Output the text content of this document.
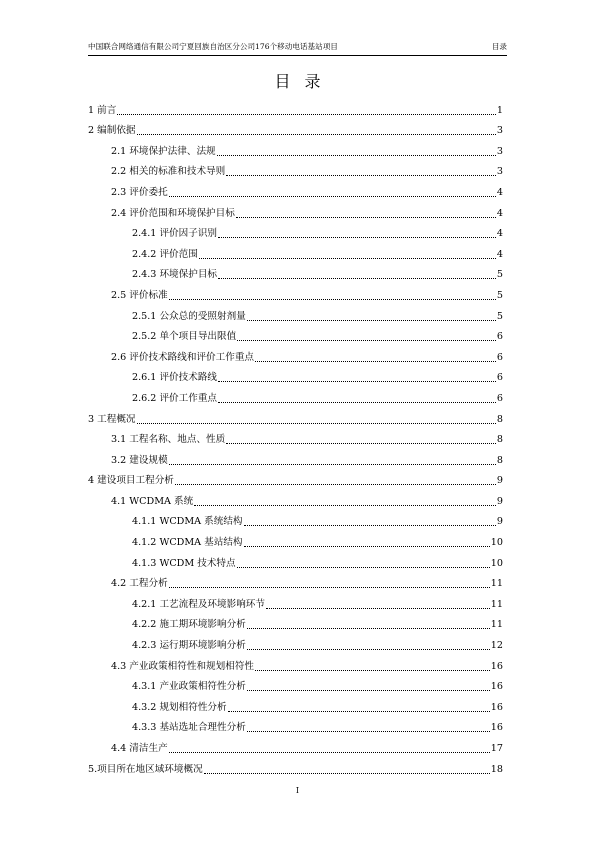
中国联合网络通信有限公司宁夏回族自治区分公司176个移动电话基站项目	目录
目录
1 前言	1
2 编制依据	3
2.1 环境保护法律、法规	3
2.2 相关的标准和技术导则	3
2.3 评价委托	4
2.4 评价范围和环境保护目标	4
2.4.1 评价因子识别	4
2.4.2 评价范围	4
2.4.3 环境保护目标	5
2.5 评价标准	5
2.5.1 公众总的受照射剂量	5
2.5.2 单个项目导出限值	6
2.6 评价技术路线和评价工作重点	6
2.6.1 评价技术路线	6
2.6.2 评价工作重点	6
3 工程概况	8
3.1 工程名称、地点、性质	8
3.2 建设规模	8
4 建设项目工程分析	9
4.1 WCDMA 系统	9
4.1.1 WCDMA 系统结构	9
4.1.2 WCDMA 基站结构	10
4.1.3 WCDM 技术特点	10
4.2 工程分析	11
4.2.1 工艺流程及环境影响环节	11
4.2.2 施工期环境影响分析	11
4.2.3 运行期环境影响分析	12
4.3 产业政策相符性和规划相符性	16
4.3.1 产业政策相符性分析	16
4.3.2 规划相符性分析	16
4.3.3 基站选址合理性分析	16
4.4 清洁生产	17
5.项目所在地区域环境概况	18
I
